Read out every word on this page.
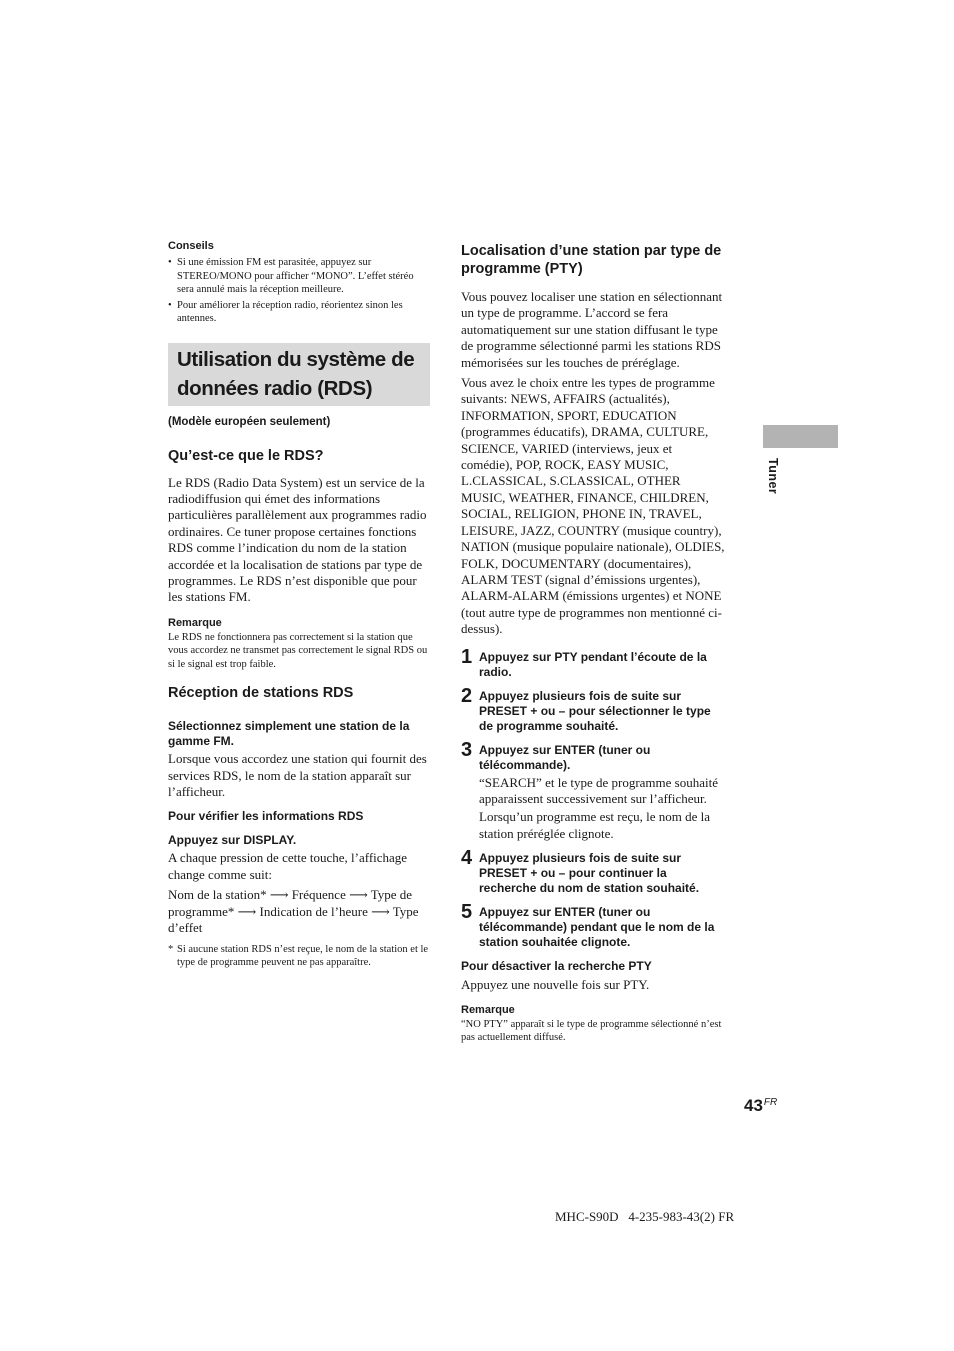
Conseils

• Si une émission FM est parasitée, appuyez sur STEREO/MONO pour afficher “MONO”. L’effet stéréo sera annulé mais la réception meilleure.
• Pour améliorer la réception radio, réorientez sinon les antennes.
Utilisation du système de données radio (RDS)

(Modèle européen seulement)

Qu’est-ce que le RDS?

Le RDS (Radio Data System) est un service de la radiodiffusion qui émet des informations particulières parallèlement aux programmes radio ordinaires. Ce tuner propose certaines fonctions RDS comme l’indication du nom de la station accordée et la localisation de stations par type de programmes. Le RDS n’est disponible que pour les stations FM.

Remarque

Le RDS ne fonctionnera pas correctement si la station que vous accordez ne transmet pas correctement le signal RDS ou si le signal est trop faible.

Réception de stations RDS

Sélectionnez simplement une station de la gamme FM.

Lorsque vous accordez une station qui fournit des services RDS, le nom de la station apparaît sur l’afficheur.

Pour vérifier les informations RDS

Appuyez sur DISPLAY.

A chaque pression de cette touche, l’affichage change comme suit:

Nom de la station* ⟶ Fréquence ⟶ Type de programme* ⟶ Indication de l’heure ⟶ Type d’effet

* Si aucune station RDS n’est reçue, le nom de la station et le type de programme peuvent ne pas apparaître.

Localisation d’une station par type de programme (PTY)

Vous pouvez localiser une station en sélectionnant un type de programme. L’accord se fera automatiquement sur une station diffusant le type de programme sélectionné parmi les stations RDS mémorisées sur les touches de préréglage.

Vous avez le choix entre les types de programme suivants: NEWS, AFFAIRS (actualités), INFORMATION, SPORT, EDUCATION (programmes éducatifs), DRAMA, CULTURE, SCIENCE, VARIED (interviews, jeux et comédie), POP, ROCK, EASY MUSIC, L.CLASSICAL, S.CLASSICAL, OTHER MUSIC, WEATHER, FINANCE, CHILDREN, SOCIAL, RELIGION, PHONE IN, TRAVEL, LEISURE, JAZZ, COUNTRY (musique country), NATION (musique populaire nationale), OLDIES, FOLK, DOCUMENTARY (documentaires), ALARM TEST (signal d’émissions urgentes), ALARM-ALARM (émissions urgentes) et NONE (tout autre type de programmes non mentionné ci-dessus).

1 Appuyez sur PTY pendant l’écoute de la radio.

2 Appuyez plusieurs fois de suite sur PRESET + ou – pour sélectionner le type de programme souhaité.

3 Appuyez sur ENTER (tuner ou télécommande).

“SEARCH” et le type de programme souhaité apparaissent successivement sur l’afficheur.

Lorsqu’un programme est reçu, le nom de la station préréglée clignote.

4 Appuyez plusieurs fois de suite sur PRESET + ou – pour continuer la recherche du nom de station souhaité.

5 Appuyez sur ENTER (tuner ou télécommande) pendant que le nom de la station souhaitée clignote.

Pour désactiver la recherche PTY

Appuyez une nouvelle fois sur PTY.

Remarque

“NO PTY” apparaît si le type de programme sélectionné n’est pas actuellement diffusé.

Tuner
$43^{FR}$
MHC-S90D   4-235-983-43(2) FR
